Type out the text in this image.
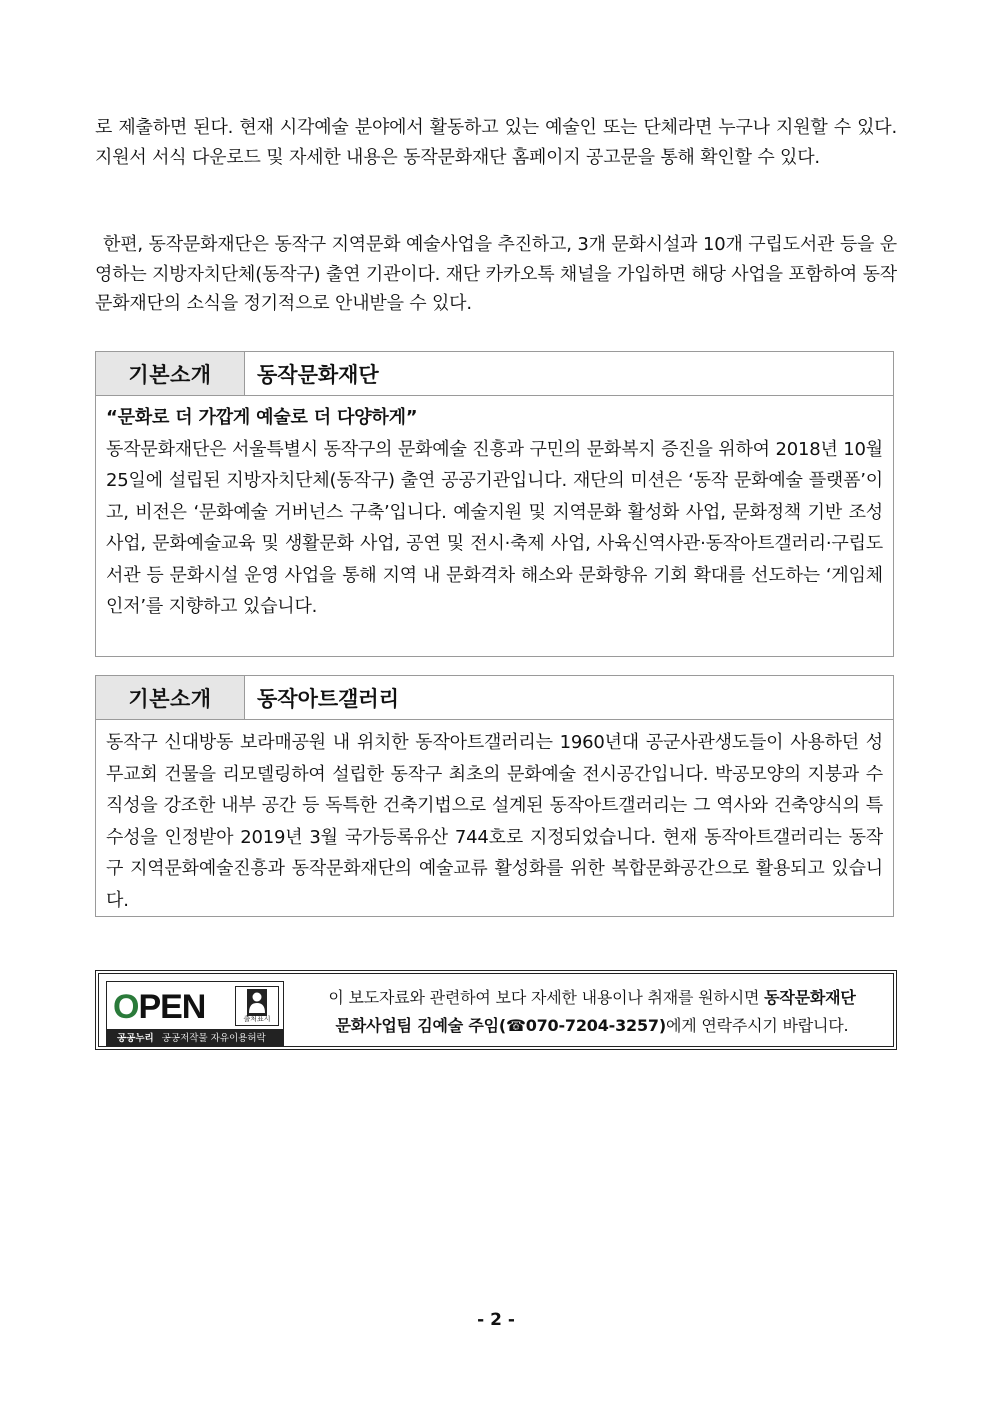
로 제출하면 된다. 현재 시각예술 분야에서 활동하고 있는 예술인 또는 단체라면 누구나 지원할 수 있다. 지원서 서식 다운로드 및 자세한 내용은 동작문화재단 홈페이지 공고문을 통해 확인할 수 있다.

한편, 동작문화재단은 동작구 지역문화 예술사업을 추진하고, 3개 문화시설과 10개 구립도서관 등을 운영하는 지방자치단체(동작구) 출연 기관이다. 재단 카카오톡 채널을 가입하면 해당 사업을 포함하여 동작문화재단의 소식을 정기적으로 안내받을 수 있다.

기본소개	동작문화재단
“문화로 더 가깝게 예술로 더 다양하게”
동작문화재단은 서울특별시 동작구의 문화예술 진흥과 구민의 문화복지 증진을 위하여 2018년 10월 25일에 설립된 지방자치단체(동작구) 출연 공공기관입니다. 재단의 미션은 ‘동작 문화예술 플랫폼’이고, 비전은 ‘문화예술 거버넌스 구축’입니다. 예술지원 및 지역문화 활성화 사업, 문화정책 기반 조성사업, 문화예술교육 및 생활문화 사업, 공연 및 전시·축제 사업, 사육신역사관·동작아트갤러리·구립도서관 등 문화시설 운영 사업을 통해 지역 내 문화격차 해소와 문화향유 기회 확대를 선도하는 ‘게임체인저’를 지향하고 있습니다.
기본소개	동작아트갤러리
동작구 신대방동 보라매공원 내 위치한 동작아트갤러리는 1960년대 공군사관생도들이 사용하던 성무교회 건물을 리모델링하여 설립한 동작구 최초의 문화예술 전시공간입니다. 박공모양의 지붕과 수직성을 강조한 내부 공간 등 독특한 건축기법으로 설계된 동작아트갤러리는 그 역사와 건축양식의 특수성을 인정받아 2019년 3월 국가등록유산 744호로 지정되었습니다. 현재 동작아트갤러리는 동작구 지역문화예술진흥과 동작문화재단의 예술교류 활성화를 위한 복합문화공간으로 활용되고 있습니다.
OPEN	출처표시
공공누리 공공저작물 자유이용허락
이 보도자료와 관련하여 보다 자세한 내용이나 취재를 원하시면 동작문화재단
문화사업팀 김예술 주임(☎070-7204-3257)에게 연락주시기 바랍니다.
- 2 -
